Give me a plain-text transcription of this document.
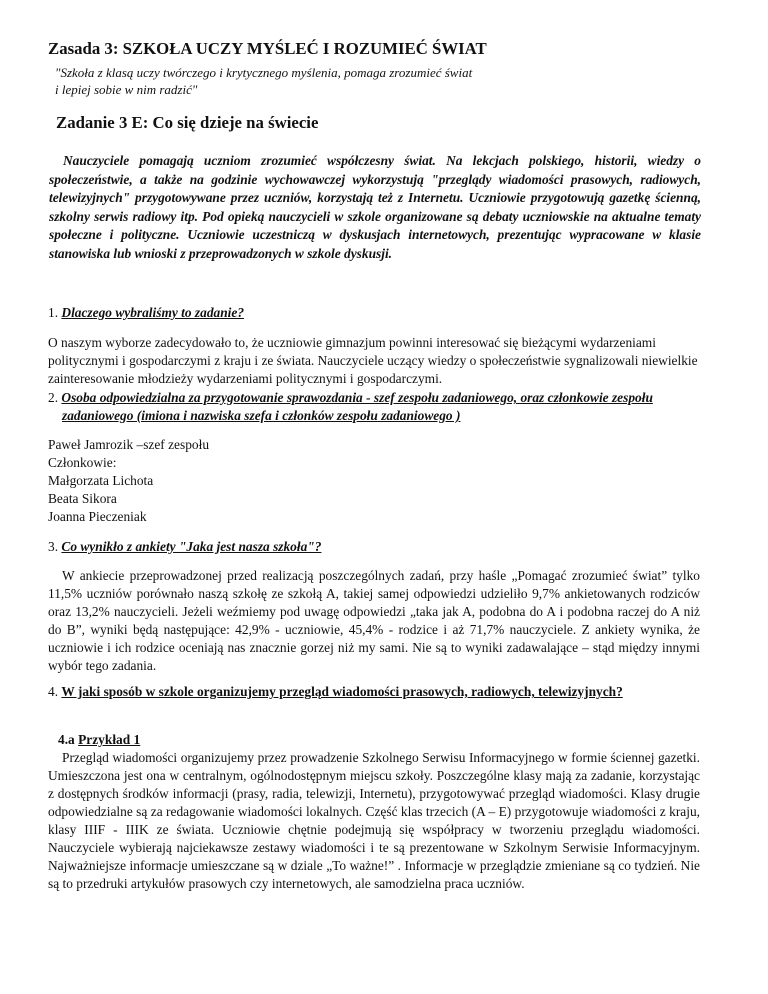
Zasada 3: SZKOŁA UCZY MYŚLEĆ I ROZUMIEĆ ŚWIAT
"Szkoła z klasą uczy twórczego i krytycznego myślenia, pomaga zrozumieć świat
i lepiej sobie w nim radzić"
Zadanie 3 E: Co się dzieje na świecie
Nauczyciele pomagają uczniom zrozumieć współczesny świat. Na lekcjach polskiego, historii, wiedzy o społeczeństwie, a także na godzinie wychowawczej wykorzystują "przeglądy wiadomości prasowych, radiowych, telewizyjnych" przygotowywane przez uczniów, korzystają też z Internetu. Uczniowie przygotowują gazetkę ścienną, szkolny serwis radiowy itp. Pod opieką nauczycieli w szkole organizowane są debaty uczniowskie na aktualne tematy społeczne i polityczne. Uczniowie uczestniczą w dyskusjach internetowych, prezentując wypracowane w klasie stanowiska lub wnioski z przeprowadzonych w szkole dyskusji.
1. Dlaczego wybraliśmy to zadanie?
O naszym wyborze zadecydowało to, że uczniowie gimnazjum powinni interesować się bieżącymi wydarzeniami politycznymi i gospodarczymi z kraju i ze świata. Nauczyciele uczący wiedzy o społeczeństwie sygnalizowali niewielkie zainteresowanie młodzieży wydarzeniami politycznymi i gospodarczymi.
2. Osoba odpowiedzialna za przygotowanie sprawozdania - szef zespołu zadaniowego, oraz członkowie zespołu zadaniowego (imiona i nazwiska szefa i członków zespołu zadaniowego )
Paweł Jamrozik –szef zespołu
Członkowie:
Małgorzata Lichota
Beata Sikora
Joanna Pieczeniak
3. Co wynikło z ankiety "Jaka jest nasza szkoła"?
W ankiecie przeprowadzonej przed realizacją poszczególnych zadań, przy haśle „Pomagać zrozumieć świat” tylko 11,5% uczniów porównało naszą szkołę ze szkołą A, takiej samej odpowiedzi udzieliło 9,7% ankietowanych rodziców oraz 13,2% nauczycieli. Jeżeli weźmiemy pod uwagę odpowiedzi „taka jak A, podobna do A i podobna raczej do A niż do B”, wyniki będą następujące: 42,9% - uczniowie, 45,4% - rodzice i aż 71,7% nauczyciele. Z ankiety wynika, że uczniowie i ich rodzice oceniają nas znacznie gorzej niż my sami. Nie są to wyniki zadawalające – stąd między innymi wybór tego zadania.
4. W jaki sposób w szkole organizujemy przegląd wiadomości prasowych, radiowych, telewizyjnych?
4.a Przykład 1
Przegląd wiadomości organizujemy przez prowadzenie Szkolnego Serwisu Informacyjnego w formie ściennej gazetki. Umieszczona jest ona w centralnym, ogólnodostępnym miejscu szkoły. Poszczególne klasy mają za zadanie, korzystając z dostępnych środków informacji (prasy, radia, telewizji, Internetu), przygotowywać przegląd wiadomości. Klasy drugie odpowiedzialne są za redagowanie wiadomości lokalnych. Część klas trzecich (A – E) przygotowuje wiadomości z kraju, klasy IIIF - IIIK ze świata. Uczniowie chętnie podejmują się współpracy w tworzeniu przeglądu wiadomości. Nauczyciele wybierają najciekawsze zestawy wiadomości i te są prezentowane w Szkolnym Serwisie Informacyjnym. Najważniejsze informacje umieszczane są w dziale „To ważne!” . Informacje w przeglądzie zmieniane są co tydzień. Nie są to przedruki artykułów prasowych czy internetowych, ale samodzielna praca uczniów.
